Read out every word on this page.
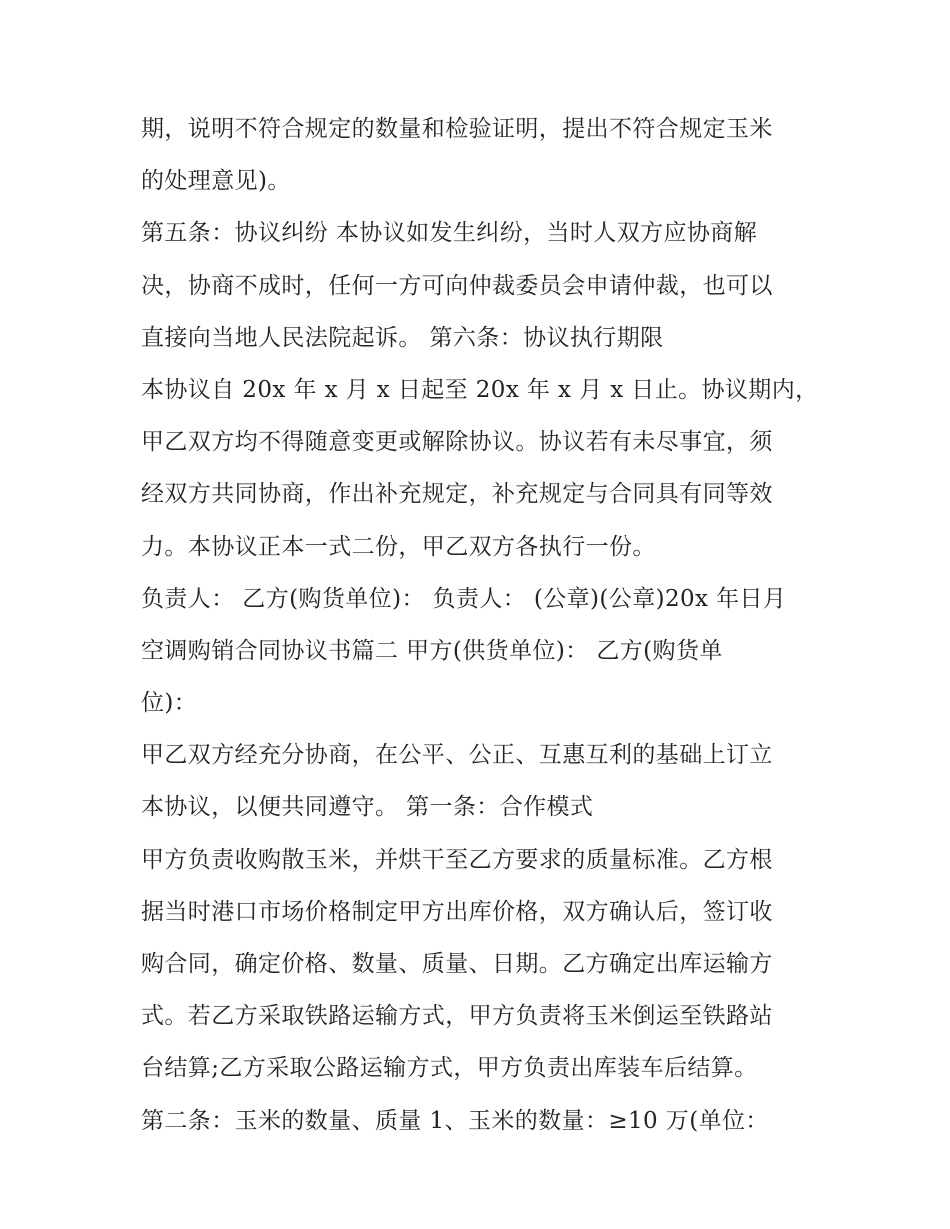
期，说明不符合规定的数量和检验证明，提出不符合规定玉米
的处理意见)。
第五条：协议纠纷 本协议如发生纠纷，当时人双方应协商解
决，协商不成时，任何一方可向仲裁委员会申请仲裁，也可以
直接向当地人民法院起诉。 第六条：协议执行期限
本协议自 20x 年 x 月 x 日起至 20x 年 x 月 x 日止。协议期内，
甲乙双方均不得随意变更或解除协议。协议若有未尽事宜，须
经双方共同协商，作出补充规定，补充规定与合同具有同等效
力。本协议正本一式二份，甲乙双方各执行一份。
负责人： 乙方(购货单位)： 负责人： (公章)(公章)20x 年日月
空调购销合同协议书篇二 甲方(供货单位)： 乙方(购货单
位)：
甲乙双方经充分协商，在公平、公正、互惠互利的基础上订立
本协议，以便共同遵守。 第一条：合作模式
甲方负责收购散玉米，并烘干至乙方要求的质量标准。乙方根
据当时港口市场价格制定甲方出库价格，双方确认后，签订收
购合同，确定价格、数量、质量、日期。乙方确定出库运输方
式。若乙方采取铁路运输方式，甲方负责将玉米倒运至铁路站
台结算;乙方采取公路运输方式，甲方负责出库装车后结算。
第二条：玉米的数量、质量 1、玉米的数量：≥10 万(单位：
